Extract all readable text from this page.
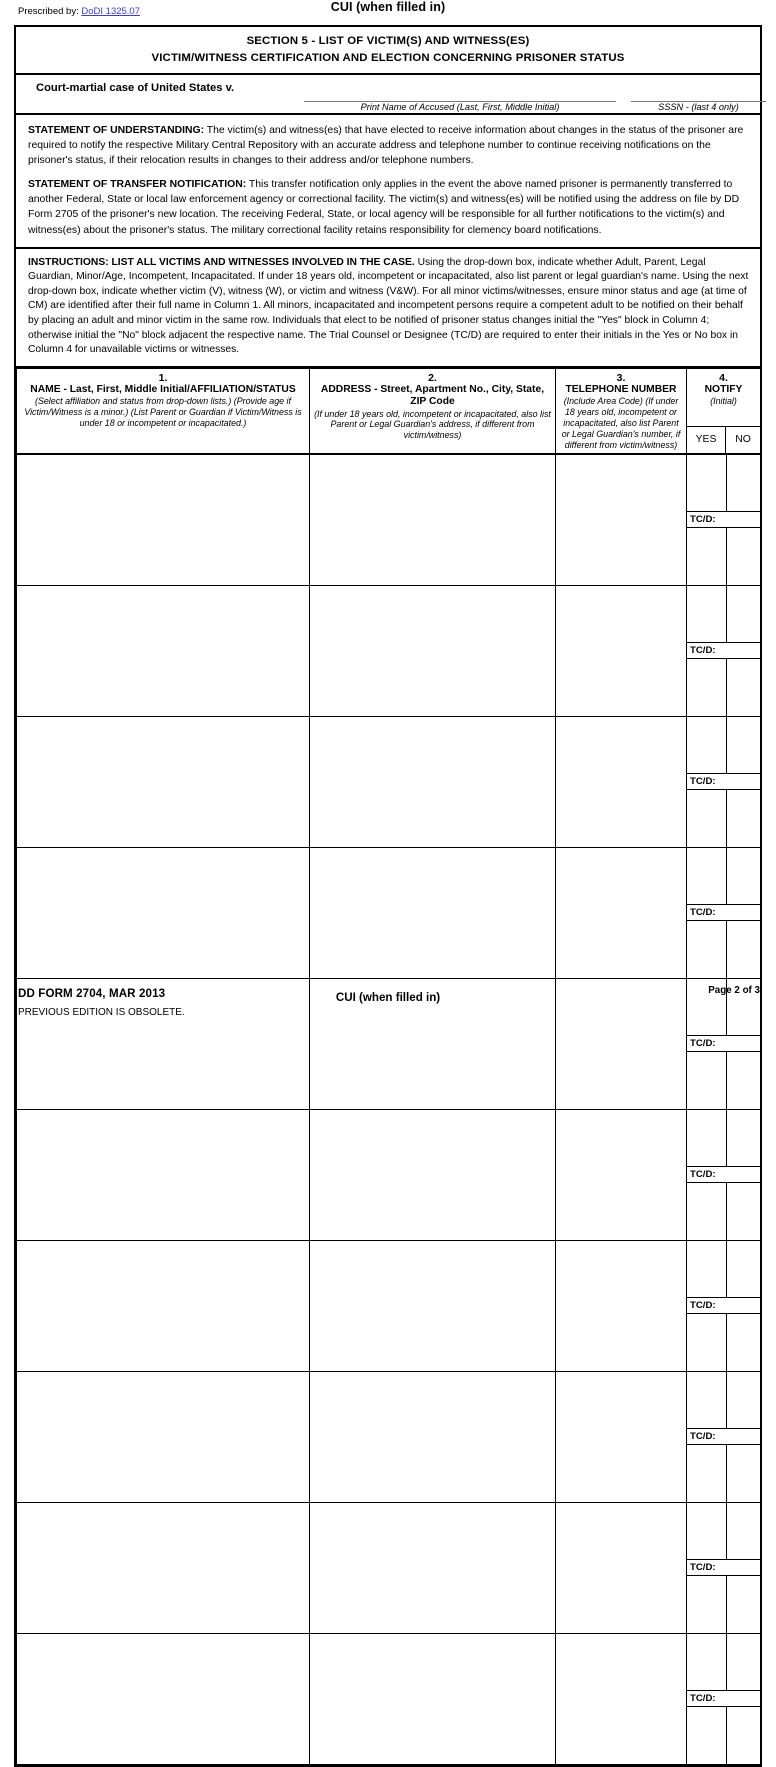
Prescribed by: DoDI 1325.07	CUI (when filled in)
SECTION 5 - LIST OF VICTIM(S) AND WITNESS(ES)
VICTIM/WITNESS CERTIFICATION AND ELECTION CONCERNING PRISONER STATUS
Court-martial case of United States v.
Print Name of Accused (Last, First, Middle Initial)	SSSN - (last 4 only)
STATEMENT OF UNDERSTANDING: The victim(s) and witness(es) that have elected to receive information about changes in the status of the prisoner are required to notify the respective Military Central Repository with an accurate address and telephone number to continue receiving notifications on the prisoner's status, if their relocation results in changes to their address and/or telephone numbers.
STATEMENT OF TRANSFER NOTIFICATION: This transfer notification only applies in the event the above named prisoner is permanently transferred to another Federal, State or local law enforcement agency or correctional facility. The victim(s) and witness(es) will be notified using the address on file by DD Form 2705 of the prisoner's new location. The receiving Federal, State, or local agency will be responsible for all further notifications to the victim(s) and witness(es) about the prisoner's status. The military correctional facility retains responsibility for clemency board notifications.
INSTRUCTIONS: LIST ALL VICTIMS AND WITNESSES INVOLVED IN THE CASE. Using the drop-down box, indicate whether Adult, Parent, Legal Guardian, Minor/Age, Incompetent, Incapacitated. If under 18 years old, incompetent or incapacitated, also list parent or legal guardian's name. Using the next drop-down box, indicate whether victim (V), witness (W), or victim and witness (V&W). For all minor victims/witnesses, ensure minor status and age (at time of CM) are identified after their full name in Column 1. All minors, incapacitated and incompetent persons require a competent adult to be notified on their behalf by placing an adult and minor victim in the same row. Individuals that elect to be notified of prisoner status changes initial the "Yes" block in Column 4; otherwise initial the "No" block adjacent the respective name. The Trial Counsel or Designee (TC/D) are required to enter their initials in the Yes or No box in Column 4 for unavailable victims or witnesses.
1.
NAME - Last, First, Middle Initial/AFFILIATION/STATUS
(Select affiliation and status from drop-down lists.) (Provide age if Victim/Witness is a minor.) (List Parent or Guardian if Victim/Witness is under 18 or incompetent or incapacitated.)

2.
ADDRESS - Street, Apartment No., City, State, ZIP Code
(If under 18 years old, incompetent or incapacitated, also list Parent or Legal Guardian's address, if different from victim/witness)

3.
TELEPHONE NUMBER
(Include Area Code) (If under 18 years old, incompetent or incapacitated, also list Parent or Legal Guardian's number, if different from victim/witness)

4.
NOTIFY
(Initial)

YES	NO

TC/D:

TC/D:

TC/D:

TC/D:

TC/D:

TC/D:

TC/D:

TC/D:

TC/D:

TC/D:

DD FORM 2704, MAR 2013
PREVIOUS EDITION IS OBSOLETE.
CUI (when filled in)
Page 2 of 3
